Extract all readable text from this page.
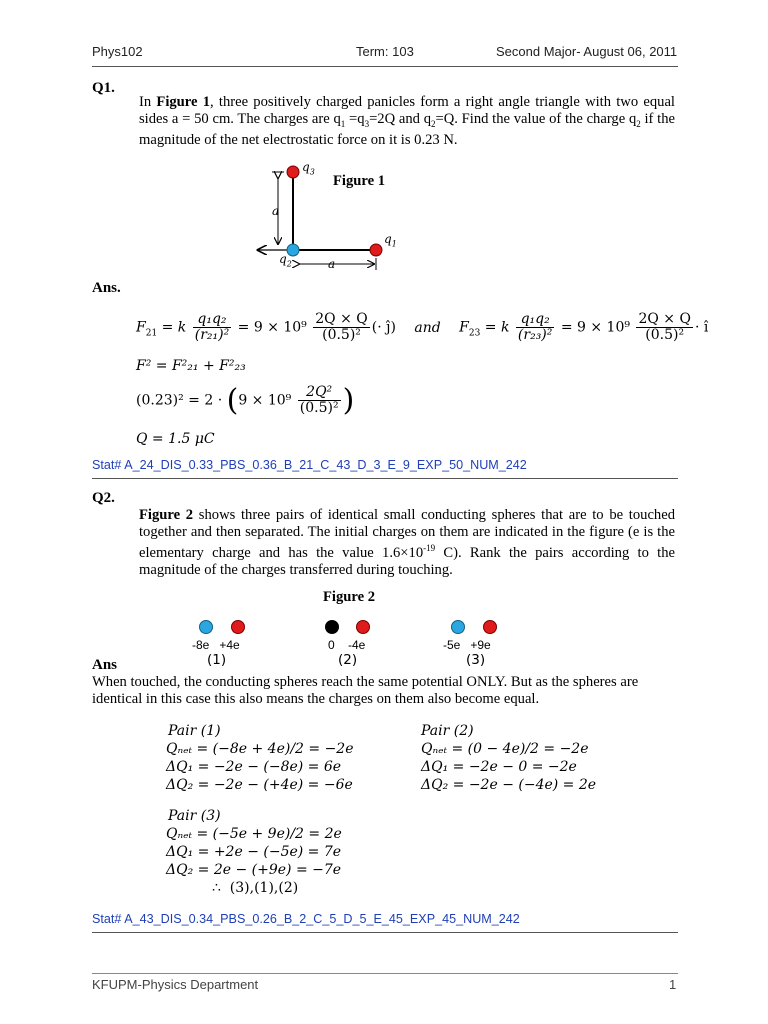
Phys102	Term: 103	Second Major- August 06, 2011
Q1.
In Figure 1, three positively charged panicles form a right angle triangle with two equal sides a = 50 cm. The charges are $q_1 =q_3=2Q$ and $q_2=Q$. Find the value of the charge $q_2$ if the magnitude of the net electrostatic force on it is 0.23 N.
$q_3$
$q_1$
$q_2$
a
a
Figure 1
Ans.
$F_{21} = k \frac{\text{q₁q₂}}{\text{(r₂₁)²}} = 9 \times 10^9 \frac{2Q \times Q}{\text{(0.5)²}}$ (· ĵ) and $F_{23} = k \frac{\text{q₁q₂}}{\text{(r₂₃)²}} = 9 \times 10^9 \frac{2Q \times Q}{\text{(0.5)²}}$ · î
F² = F²₂₁ + F²₂₃
$(0.23)^2 = 2 \cdot (9 \times 10^9 \frac{\text{2Q²}}{\text{(0.5)²}}$ )
Q = 1.5 μC
Stat# A_24_DIS_0.33_PBS_0.36_B_21_C_43_D_3_E_9_EXP_50_NUM_242
Q2.
Figure 2 shows three pairs of identical small conducting spheres that are to be touched together and then separated. The initial charges on them are indicated in the figure (e is the elementary charge and has the value $1.6\times 10^{-19}$ C). Rank the pairs according to the magnitude of the charges transferred during touching.
Figure 2
-8e   +4e
(1)
0    -4e
(2)
-5e   +9e
(3)
Ans
When touched, the conducting spheres reach the same potential ONLY. But as the spheres are identical in this case this also means the charges on them also become equal.
Pair (1)
Qₙₑₜ = (−8e + 4e)/2 = −2e
ΔQ₁ = −2e − (−8e) = 6e
ΔQ₂ = −2e − (+4e) = −6e
Pair (2)
Qₙₑₜ = (0 − 4e)/2 = −2e
ΔQ₁ = −2e − 0 = −2e
ΔQ₂ = −2e − (−4e) = 2e
Pair (3)
Qₙₑₜ = (−5e + 9e)/2 = 2e
ΔQ₁ = +2e − (−5e) = 7e
ΔQ₂ = 2e − (+9e) = −7e
∴  (3),(1),(2)
Stat# A_43_DIS_0.34_PBS_0.26_B_2_C_5_D_5_E_45_EXP_45_NUM_242
KFUPM-Physics Department	1
